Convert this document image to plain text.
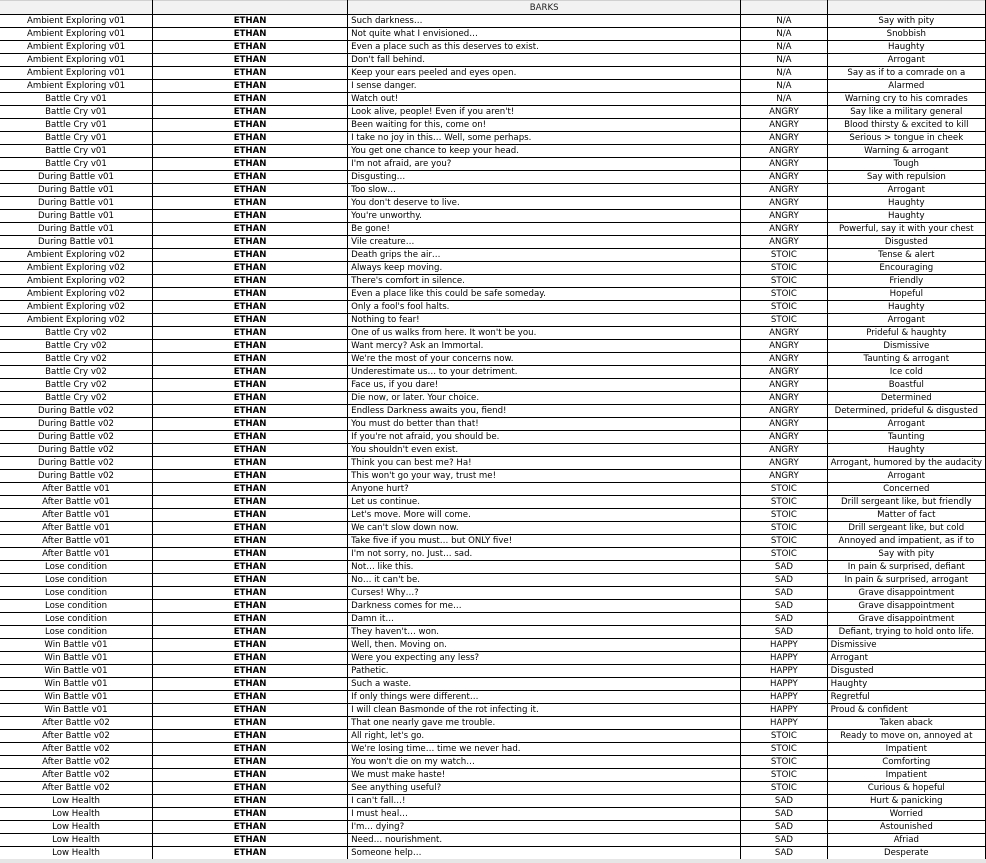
		BARKS		
Ambient Exploring v01	ETHAN	Such darkness…	N/A	Say with pity
Ambient Exploring v01	ETHAN	Not quite what I envisioned…	N/A	Snobbish
Ambient Exploring v01	ETHAN	Even a place such as this deserves to exist.	N/A	Haughty
Ambient Exploring v01	ETHAN	Don't fall behind.	N/A	Arrogant
Ambient Exploring v01	ETHAN	Keep your ears peeled and eyes open.	N/A	Say as if to a comrade on a
Ambient Exploring v01	ETHAN	I sense danger.	N/A	Alarmed
Battle Cry v01	ETHAN	Watch out!	N/A	Warning cry to his comrades
Battle Cry v01	ETHAN	Look alive, people! Even if you aren't!	ANGRY	Say like a military general
Battle Cry v01	ETHAN	Been waiting for this, come on!	ANGRY	Blood thirsty & excited to kill
Battle Cry v01	ETHAN	I take no joy in this… Well, some perhaps.	ANGRY	Serious > tongue in cheek
Battle Cry v01	ETHAN	You get one chance to keep your head.	ANGRY	Warning & arrogant
Battle Cry v01	ETHAN	I'm not afraid, are you?	ANGRY	Tough
During Battle v01	ETHAN	Disgusting…	ANGRY	Say with repulsion
During Battle v01	ETHAN	Too slow…	ANGRY	Arrogant
During Battle v01	ETHAN	You don't deserve to live.	ANGRY	Haughty
During Battle v01	ETHAN	You're unworthy.	ANGRY	Haughty
During Battle v01	ETHAN	Be gone!	ANGRY	Powerful, say it with your chest
During Battle v01	ETHAN	Vile creature…	ANGRY	Disgusted
Ambient Exploring v02	ETHAN	Death grips the air…	STOIC	Tense & alert
Ambient Exploring v02	ETHAN	Always keep moving.	STOIC	Encouraging
Ambient Exploring v02	ETHAN	There's comfort in silence.	STOIC	Friendly
Ambient Exploring v02	ETHAN	Even a place like this could be safe someday.	STOIC	Hopeful
Ambient Exploring v02	ETHAN	Only a fool's fool halts.	STOIC	Haughty
Ambient Exploring v02	ETHAN	Nothing to fear!	STOIC	Arrogant
Battle Cry v02	ETHAN	One of us walks from here. It won't be you.	ANGRY	Prideful & haughty
Battle Cry v02	ETHAN	Want mercy? Ask an Immortal.	ANGRY	Dismissive
Battle Cry v02	ETHAN	We're the most of your concerns now.	ANGRY	Taunting & arrogant
Battle Cry v02	ETHAN	Underestimate us… to your detriment.	ANGRY	Ice cold
Battle Cry v02	ETHAN	Face us, if you dare!	ANGRY	Boastful
Battle Cry v02	ETHAN	Die now, or later. Your choice.	ANGRY	Determined
During Battle v02	ETHAN	Endless Darkness awaits you, fiend!	ANGRY	Determined, prideful & disgusted
During Battle v02	ETHAN	You must do better than that!	ANGRY	Arrogant
During Battle v02	ETHAN	If you're not afraid, you should be.	ANGRY	Taunting
During Battle v02	ETHAN	You shouldn't even exist.	ANGRY	Haughty
During Battle v02	ETHAN	Think you can best me? Ha!	ANGRY	Arrogant, humored by the audacity
During Battle v02	ETHAN	This won't go your way, trust me!	ANGRY	Arrogant
After Battle v01	ETHAN	Anyone hurt?	STOIC	Concerned
After Battle v01	ETHAN	Let us continue.	STOIC	Drill sergeant like, but friendly
After Battle v01	ETHAN	Let's move. More will come.	STOIC	Matter of fact
After Battle v01	ETHAN	We can't slow down now.	STOIC	Drill sergeant like, but cold
After Battle v01	ETHAN	Take five if you must… but ONLY five!	STOIC	Annoyed and impatient, as if to
After Battle v01	ETHAN	I'm not sorry, no. Just… sad.	STOIC	Say with pity
Lose condition	ETHAN	Not… like this.	SAD	In pain & surprised, defiant
Lose condition	ETHAN	No… it can't be.	SAD	In pain & surprised, arrogant
Lose condition	ETHAN	Curses! Why…?	SAD	Grave disappointment
Lose condition	ETHAN	Darkness comes for me…	SAD	Grave disappointment
Lose condition	ETHAN	Damn it…	SAD	Grave disappointment
Lose condition	ETHAN	They haven't… won.	SAD	Defiant, trying to hold onto life.
Win Battle v01	ETHAN	Well, then. Moving on.	HAPPY	Dismissive
Win Battle v01	ETHAN	Were you expecting any less?	HAPPY	Arrogant
Win Battle v01	ETHAN	Pathetic.	HAPPY	Disgusted
Win Battle v01	ETHAN	Such a waste.	HAPPY	Haughty
Win Battle v01	ETHAN	If only things were different…	HAPPY	Regretful
Win Battle v01	ETHAN	I will clean Basmonde of the rot infecting it.	HAPPY	Proud & confident
After Battle v02	ETHAN	That one nearly gave me trouble.	HAPPY	Taken aback
After Battle v02	ETHAN	All right, let's go.	STOIC	Ready to move on, annoyed at
After Battle v02	ETHAN	We're losing time… time we never had.	STOIC	Impatient
After Battle v02	ETHAN	You won't die on my watch…	STOIC	Comforting
After Battle v02	ETHAN	We must make haste!	STOIC	Impatient
After Battle v02	ETHAN	See anything useful?	STOIC	Curious & hopeful
Low Health	ETHAN	I can't fall…!	SAD	Hurt & panicking
Low Health	ETHAN	I must heal…	SAD	Worried
Low Health	ETHAN	I'm… dying?	SAD	Astounished
Low Health	ETHAN	Need… nourishment.	SAD	Afriad
Low Health	ETHAN	Someone help…	SAD	Desperate
